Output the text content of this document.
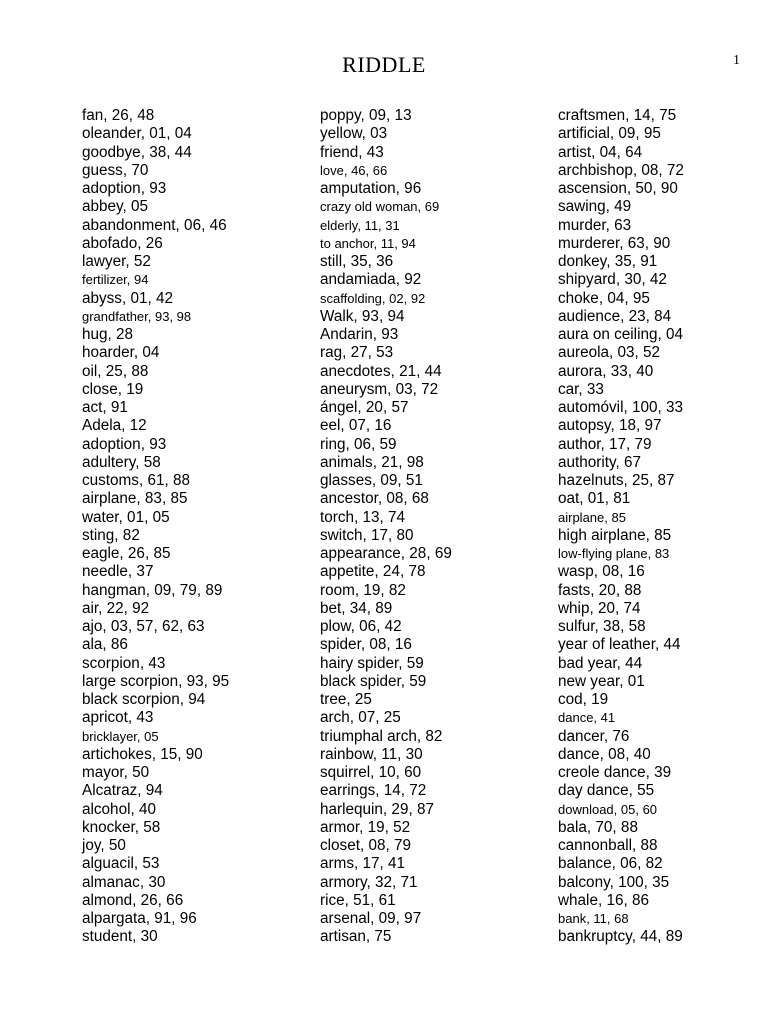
RIDDLE	1
fan, 26, 48
oleander, 01, 04
goodbye, 38, 44
guess, 70
adoption, 93
abbey, 05
abandonment, 06, 46
abofado, 26
lawyer, 52
fertilizer, 94
abyss, 01, 42
grandfather, 93, 98
hug, 28
hoarder, 04
oil, 25, 88
close, 19
act, 91
Adela, 12
adoption, 93
adultery, 58
customs, 61, 88
airplane, 83, 85
water, 01, 05
sting, 82
eagle, 26, 85
needle, 37
hangman, 09, 79, 89
air, 22, 92
ajo, 03, 57, 62, 63
ala, 86
scorpion, 43
large scorpion, 93, 95
black scorpion, 94
apricot, 43
bricklayer, 05
artichokes, 15, 90
mayor, 50
Alcatraz, 94
alcohol, 40
knocker, 58
joy, 50
alguacil, 53
almanac, 30
almond, 26, 66
alpargata, 91, 96
student, 30
poppy, 09, 13
yellow, 03
friend, 43
love, 46, 66
amputation, 96
crazy old woman, 69
elderly, 11, 31
to anchor, 11, 94
still, 35, 36
andamiada, 92
scaffolding, 02, 92
Walk, 93, 94
Andarin, 93
rag, 27, 53
anecdotes, 21, 44
aneurysm, 03, 72
ángel, 20, 57
eel, 07, 16
ring, 06, 59
animals, 21, 98
glasses, 09, 51
ancestor, 08, 68
torch, 13, 74
switch, 17, 80
appearance, 28, 69
appetite, 24, 78
room, 19, 82
bet, 34, 89
plow, 06, 42
spider, 08, 16
hairy spider, 59
black spider, 59
tree, 25
arch, 07, 25
triumphal arch, 82
rainbow, 11, 30
squirrel, 10, 60
earrings, 14, 72
harlequin, 29, 87
armor, 19, 52
closet, 08, 79
arms, 17, 41
armory, 32, 71
rice, 51, 61
arsenal, 09, 97
artisan, 75
craftsmen, 14, 75
artificial, 09, 95
artist, 04, 64
archbishop, 08, 72
ascension, 50, 90
sawing, 49
murder, 63
murderer, 63, 90
donkey, 35, 91
shipyard, 30, 42
choke, 04, 95
audience, 23, 84
aura on ceiling, 04
aureola, 03, 52
aurora, 33, 40
car, 33
automóvil, 100, 33
autopsy, 18, 97
author, 17, 79
authority, 67
hazelnuts, 25, 87
oat, 01, 81
airplane, 85
high airplane, 85
low-flying plane, 83
wasp, 08, 16
fasts, 20, 88
whip, 20, 74
sulfur, 38, 58
year of leather, 44
bad year, 44
new year, 01
cod, 19
dance, 41
dancer, 76
dance, 08, 40
creole dance, 39
day dance, 55
download, 05, 60
bala, 70, 88
cannonball, 88
balance, 06, 82
balcony, 100, 35
whale, 16, 86
bank, 11, 68
bankruptcy, 44, 89
